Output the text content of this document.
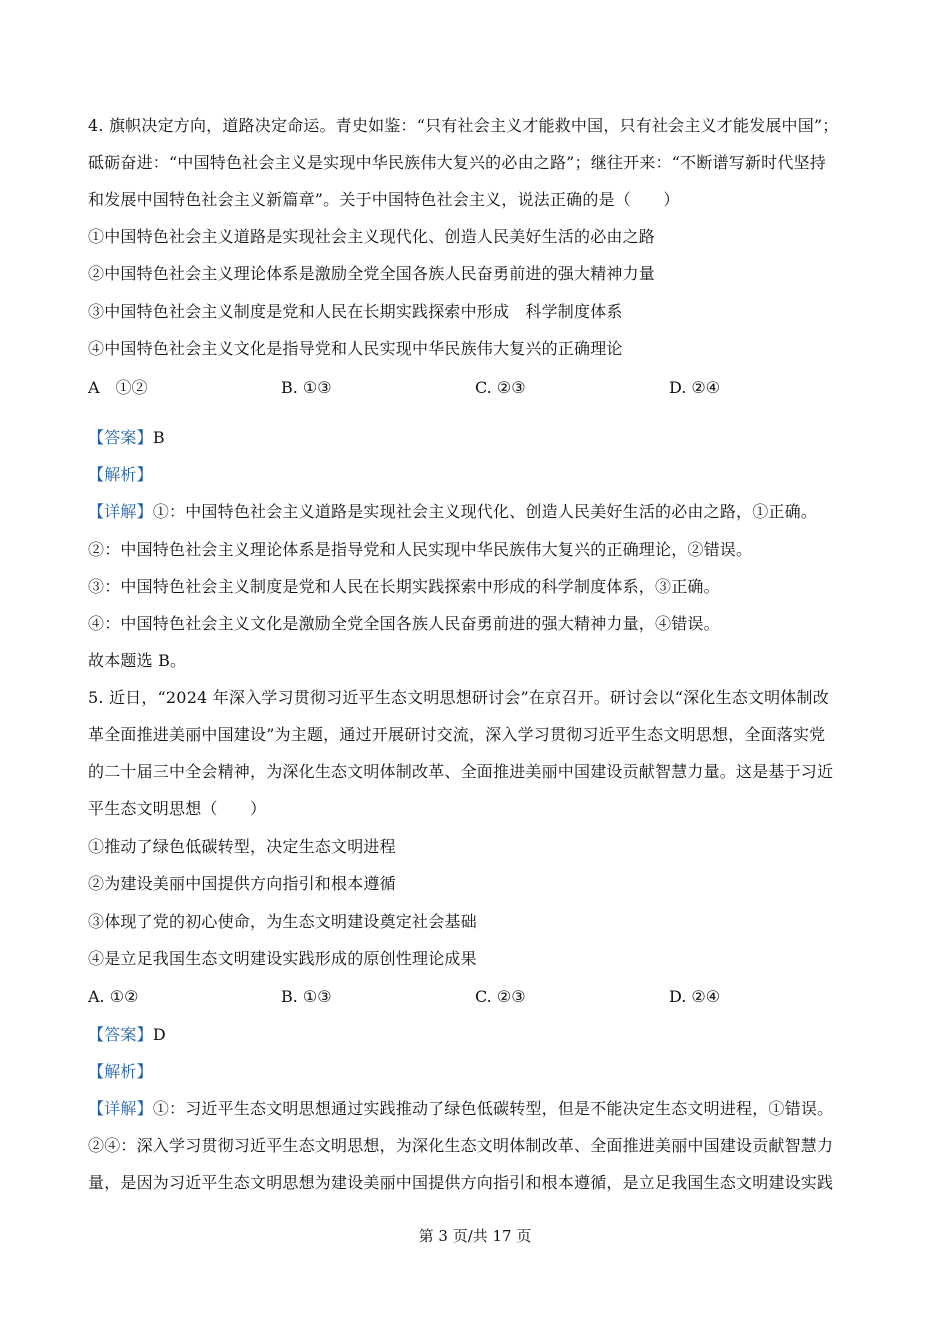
4. 旗帜决定方向，道路决定命运。青史如鉴：“只有社会主义才能救中国，只有社会主义才能发展中国”；
砥砺奋进：“中国特色社会主义是实现中华民族伟大复兴的必由之路”；继往开来：“不断谱写新时代坚持
和发展中国特色社会主义新篇章”。关于中国特色社会主义，说法正确的是（　　）
①中国特色社会主义道路是实现社会主义现代化、创造人民美好生活的必由之路
②中国特色社会主义理论体系是激励全党全国各族人民奋勇前进的强大精神力量
③中国特色社会主义制度是党和人民在长期实践探索中形成　科学制度体系
④中国特色社会主义文化是指导党和人民实现中华民族伟大复兴的正确理论
A　①②	B. ①③	C. ②③	D. ②④
【答案】B
【解析】
【详解】①：中国特色社会主义道路是实现社会主义现代化、创造人民美好生活的必由之路，①正确。
②：中国特色社会主义理论体系是指导党和人民实现中华民族伟大复兴的正确理论，②错误。
③：中国特色社会主义制度是党和人民在长期实践探索中形成的科学制度体系，③正确。
④：中国特色社会主义文化是激励全党全国各族人民奋勇前进的强大精神力量，④错误。
故本题选 B。
5. 近日，“2024 年深入学习贯彻习近平生态文明思想研讨会”在京召开。研讨会以“深化生态文明体制改
革全面推进美丽中国建设”为主题，通过开展研讨交流，深入学习贯彻习近平生态文明思想，全面落实党
的二十届三中全会精神，为深化生态文明体制改革、全面推进美丽中国建设贡献智慧力量。这是基于习近
平生态文明思想（　　）
①推动了绿色低碳转型，决定生态文明进程
②为建设美丽中国提供方向指引和根本遵循
③体现了党的初心使命，为生态文明建设奠定社会基础
④是立足我国生态文明建设实践形成的原创性理论成果
A. ①②	B. ①③	C. ②③	D. ②④
【答案】D
【解析】
【详解】①：习近平生态文明思想通过实践推动了绿色低碳转型，但是不能决定生态文明进程，①错误。
②④：深入学习贯彻习近平生态文明思想，为深化生态文明体制改革、全面推进美丽中国建设贡献智慧力
量，是因为习近平生态文明思想为建设美丽中国提供方向指引和根本遵循，是立足我国生态文明建设实践
第 3 页/共 17 页
